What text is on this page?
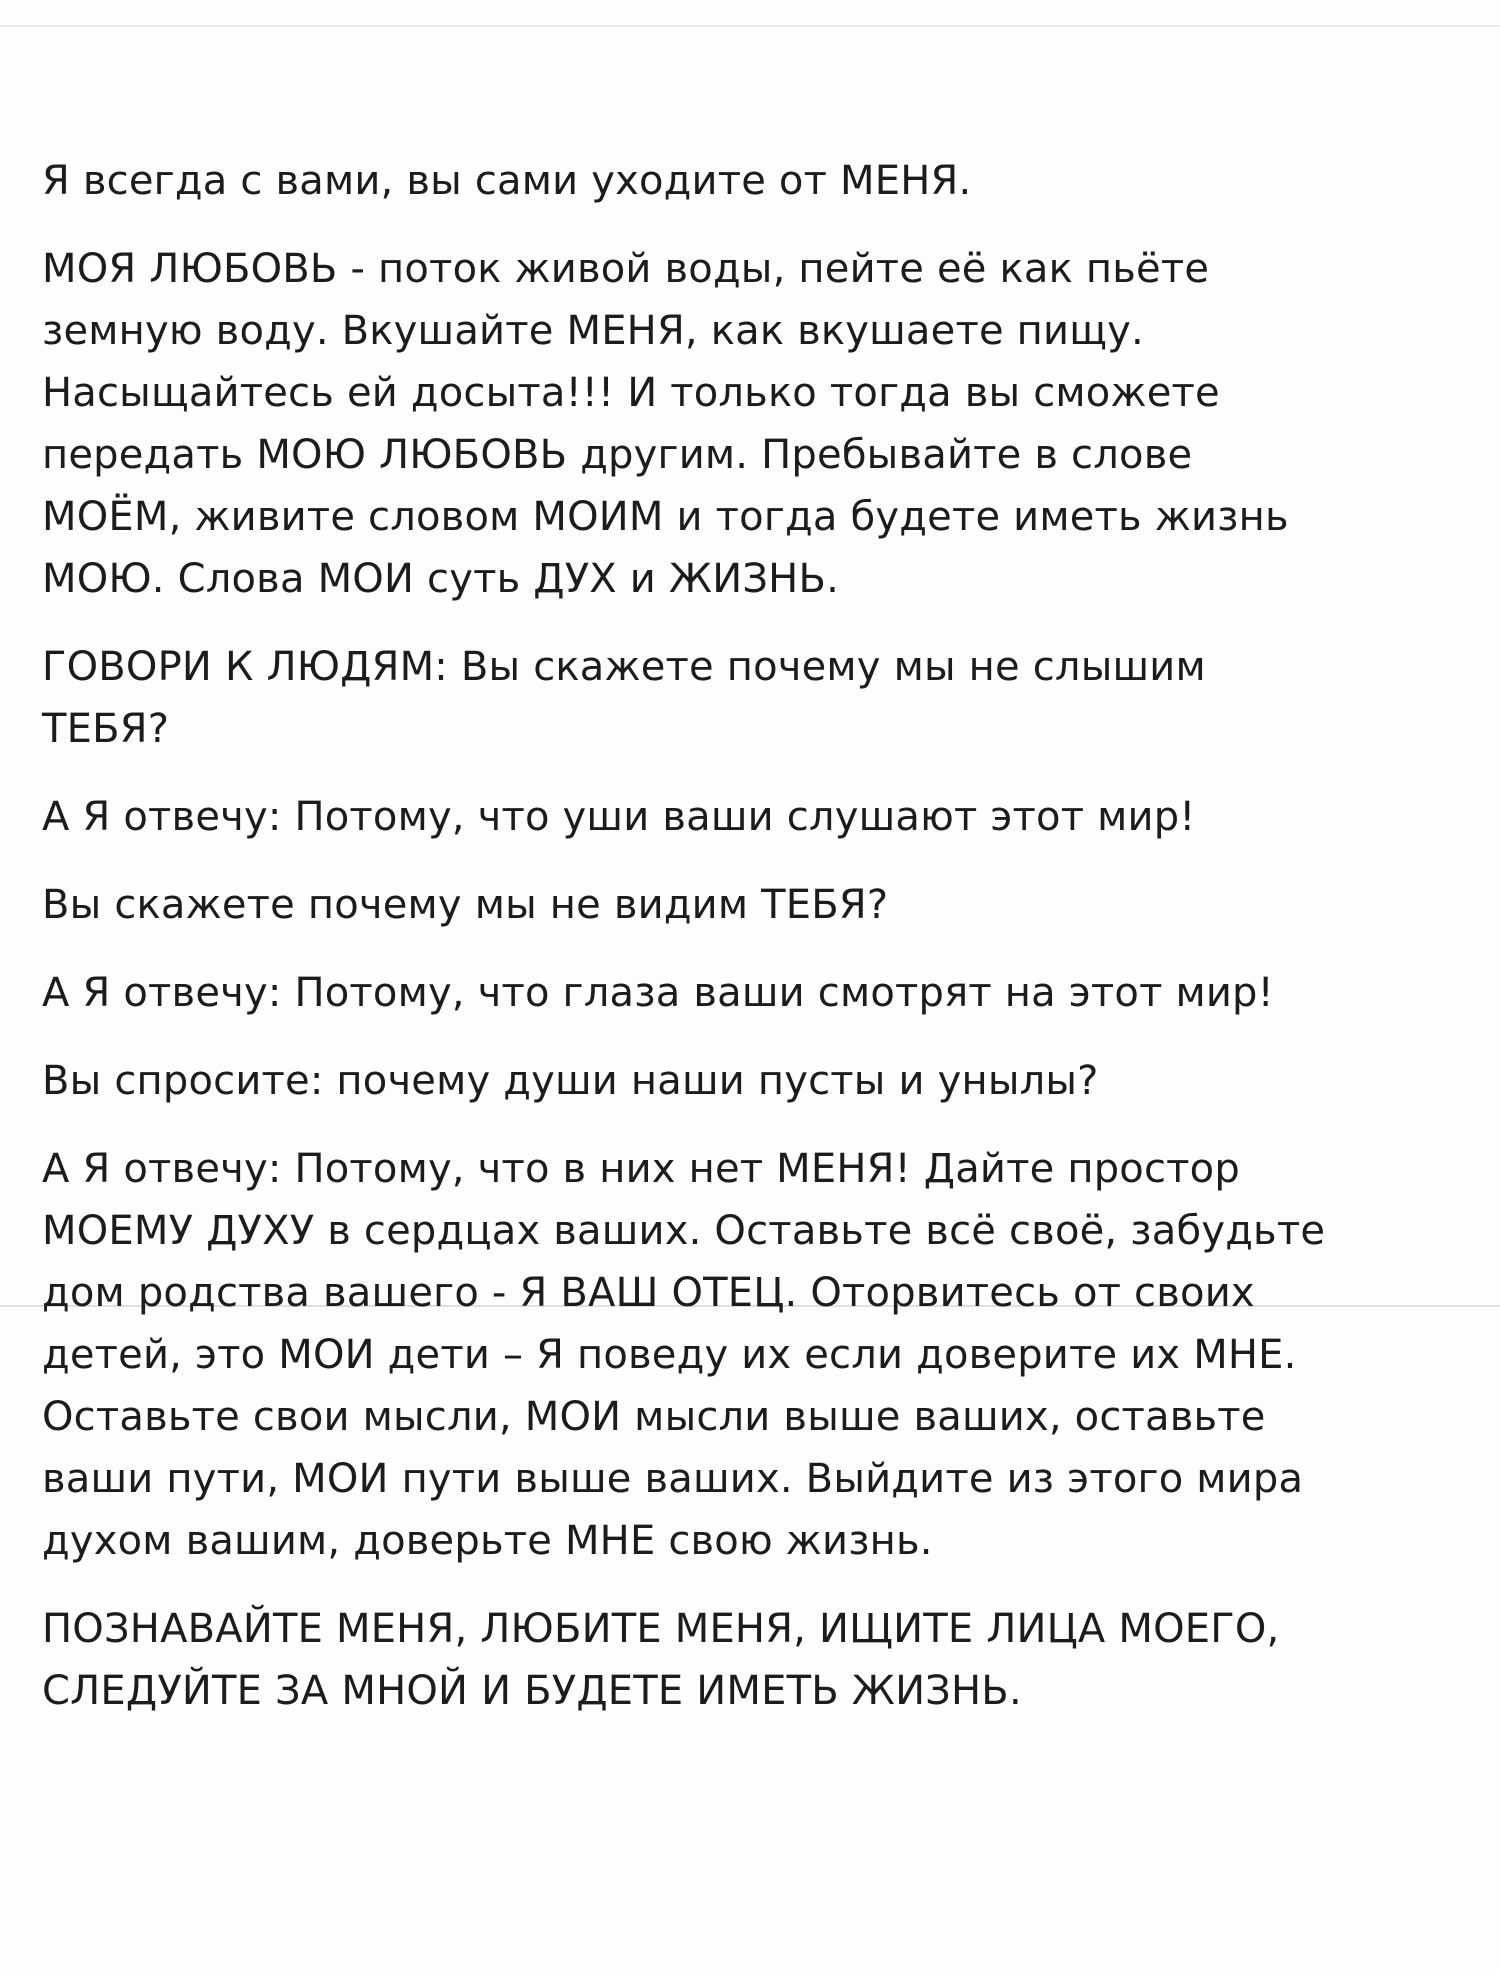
Я всегда с вами, вы сами уходите от МЕНЯ.

МОЯ ЛЮБОВЬ - поток живой воды, пейте её как пьёте
земную воду. Вкушайте МЕНЯ, как вкушаете пищу.
Насыщайтесь ей досыта!!! И только тогда вы сможете
передать МОЮ ЛЮБОВЬ другим. Пребывайте в слове
МОЁМ, живите словом МОИМ и тогда будете иметь жизнь
МОЮ. Слова МОИ суть ДУХ и ЖИЗНЬ.

ГОВОРИ К ЛЮДЯМ: Вы скажете почему мы не слышим
ТЕБЯ?

А Я отвечу: Потому, что уши ваши слушают этот мир!

Вы скажете почему мы не видим ТЕБЯ?

А Я отвечу: Потому, что глаза ваши смотрят на этот мир!

Вы спросите: почему души наши пусты и унылы?

А Я отвечу: Потому, что в них нет МЕНЯ! Дайте простор
МОЕМУ ДУХУ в сердцах ваших. Оставьте всё своё, забудьте
дом родства вашего - Я ВАШ ОТЕЦ. Оторвитесь от своих
детей, это МОИ дети – Я поведу их если доверите их МНЕ.
Оставьте свои мысли, МОИ мысли выше ваших, оставьте
ваши пути, МОИ пути выше ваших. Выйдите из этого мира
духом вашим, доверьте МНЕ свою жизнь.

ПОЗНАВАЙТЕ МЕНЯ, ЛЮБИТЕ МЕНЯ, ИЩИТЕ ЛИЦА МОЕГО,
СЛЕДУЙТЕ ЗА МНОЙ И БУДЕТЕ ИМЕТЬ ЖИЗНЬ.
